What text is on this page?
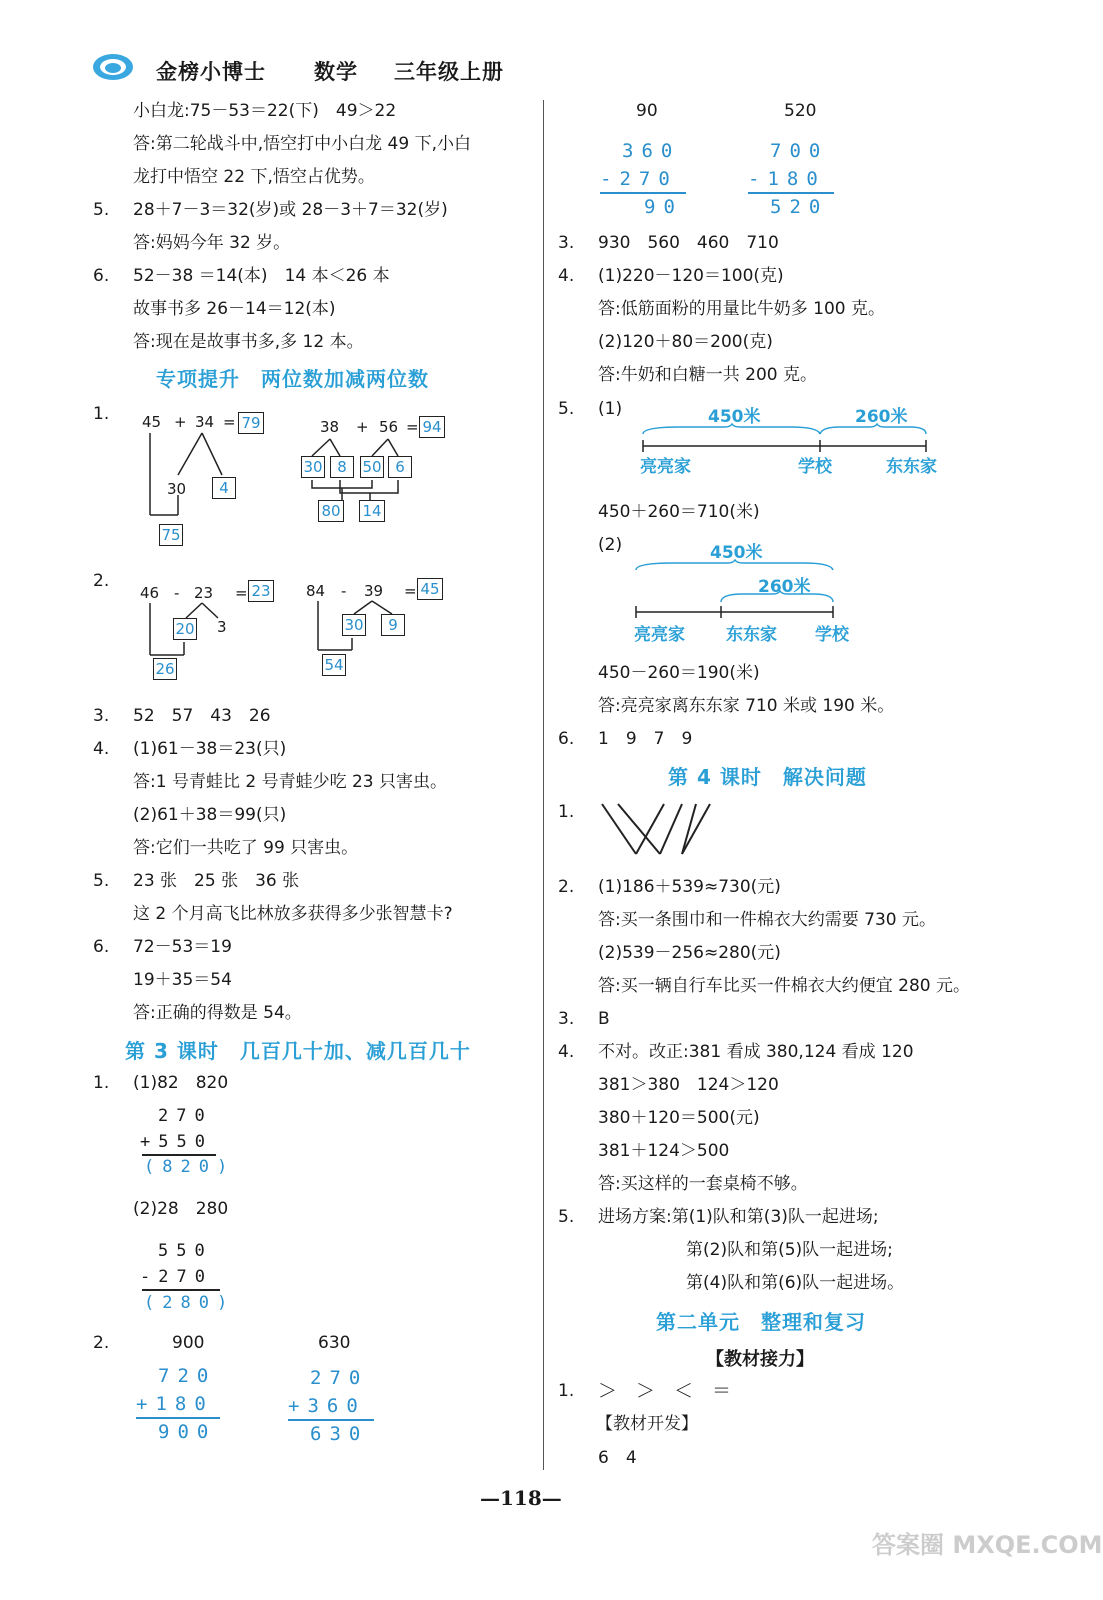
金榜小博士 数学 三年级上册
小白龙:75－53＝22(下)　49＞22
答:第二轮战斗中,悟空打中小白龙 49 下,小白
龙打中悟空 22 下,悟空占优势。
5. 28＋7－3＝32(岁)或 28－3＋7＝32(岁)
答:妈妈今年 32 岁。
6. 52－38 ＝14(本)　14 本＜26 本
故事书多 26－14＝12(本)
答:现在是故事书多,多 12 本。
专项提升　两位数加减两位数
1. 45 + 34 = 79
30	4
75
38 + 56 = 94
30 8	50 6
80 14
2.
46 - 23 = 23
20 3
26
84 - 39 = 45
30	9
54
3. 52　57　43　26
4. (1)61－38＝23(只)
答:1 号青蛙比 2 号青蛙少吃 23 只害虫。
(2)61＋38＝99(只)
答:它们一共吃了 99 只害虫。
5. 23 张　25 张　36 张
这 2 个月高飞比林放多获得多少张智慧卡?
6. 72－53＝19
19＋35＝54
答:正确的得数是 54。
第 3 课时　几百几十加、减几百几十
1. (1)82　820
270
+550
(820)
(2)28　280
550
-270
(280)
2.	900	630
720
+180
900
270
+360
630
90	520
360
-270
90
700
-180
520
3. 930　560　460　710
4. (1)220－120＝100(克)
答:低筋面粉的用量比牛奶多 100 克。
(2)120＋80＝200(克)
答:牛奶和白糖一共 200 克。
5. (1)	450米	260米
亮亮家	学校	东东家
450＋260＝710(米)
(2)	450米
260米
亮亮家 东东家 学校
450－260＝190(米)
答:亮亮家离东东家 710 米或 190 米。
6. 1　9　7　9
第 4 课时　解决问题
1.
2. (1)186＋539≈730(元)
答:买一条围巾和一件棉衣大约需要 730 元。
(2)539－256≈280(元)
答:买一辆自行车比买一件棉衣大约便宜 280 元。
3. B
4. 不对。改正:381 看成 380,124 看成 120
381＞380　124＞120
380＋120＝500(元)
381＋124＞500
答:买这样的一套桌椅不够。
5. 进场方案:第(1)队和第(3)队一起进场;
第(2)队和第(5)队一起进场;
第(4)队和第(6)队一起进场。
第二单元　整理和复习
【教材接力】
1. ＞　＞　＜　＝
【教材开发】
6　4
—118—
答案圈 MXQE.COM
